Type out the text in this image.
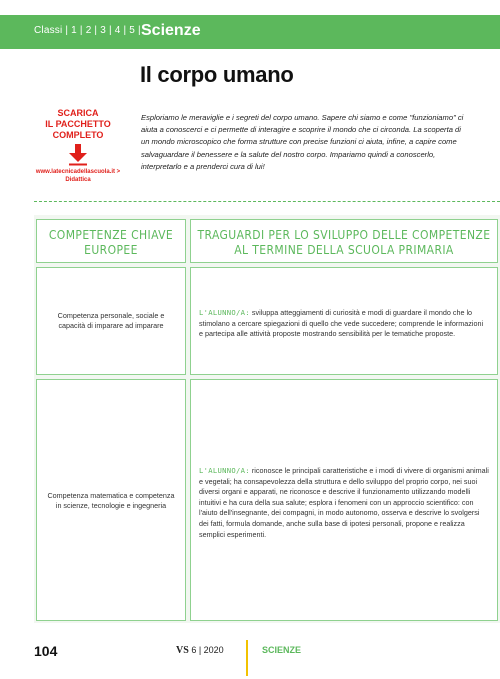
Classi | 1 | 2 | 3 | 4 | 5 | Scienze
Il corpo umano
SCARICA
IL PACCHETTO
COMPLETO
www.latecnicadellascuola.it > Didattica
Esploriamo le meraviglie e i segreti del corpo umano. Sapere chi siamo e come "funzioniamo" ci aiuta a conoscerci e ci permette di interagire e scoprire il mondo che ci circonda. La scoperta di un mondo microscopico che forma strutture con precise funzioni ci aiuta, infine, a capire come salvaguardare il benessere e la salute del nostro corpo. Impariamo quindi a conoscerlo, interpretarlo e a prenderci cura di lui!
COMPETENZE CHIAVE
EUROPEE
TRAGUARDI PER LO SVILUPPO DELLE COMPETENZE
AL TERMINE DELLA SCUOLA PRIMARIA
Competenza personale, sociale e capacità di imparare ad imparare
L'ALUNNO/A: sviluppa atteggiamenti di curiosità e modi di guardare il mondo che lo stimolano a cercare spiegazioni di quello che vede succedere; comprende le informazioni e partecipa alle attività proposte mostrando sensibilità per le tematiche proposte.
Competenza matematica e competenza in scienze, tecnologie e ingegneria
L'ALUNNO/A: riconosce le principali caratteristiche e i modi di vivere di organismi animali e vegetali; ha consapevolezza della struttura e dello sviluppo del proprio corpo, nei suoi diversi organi e apparati, ne riconosce e descrive il funzionamento utilizzando modelli intuitivi e ha cura della sua salute; esplora i fenomeni con un approccio scientifico: con l'aiuto dell'insegnante, dei compagni, in modo autonomo, osserva e descrive lo svolgersi dei fatti, formula domande, anche sulla base di ipotesi personali, propone e realizza semplici esperimenti.
104	VS 6 | 2020	SCIENZE
